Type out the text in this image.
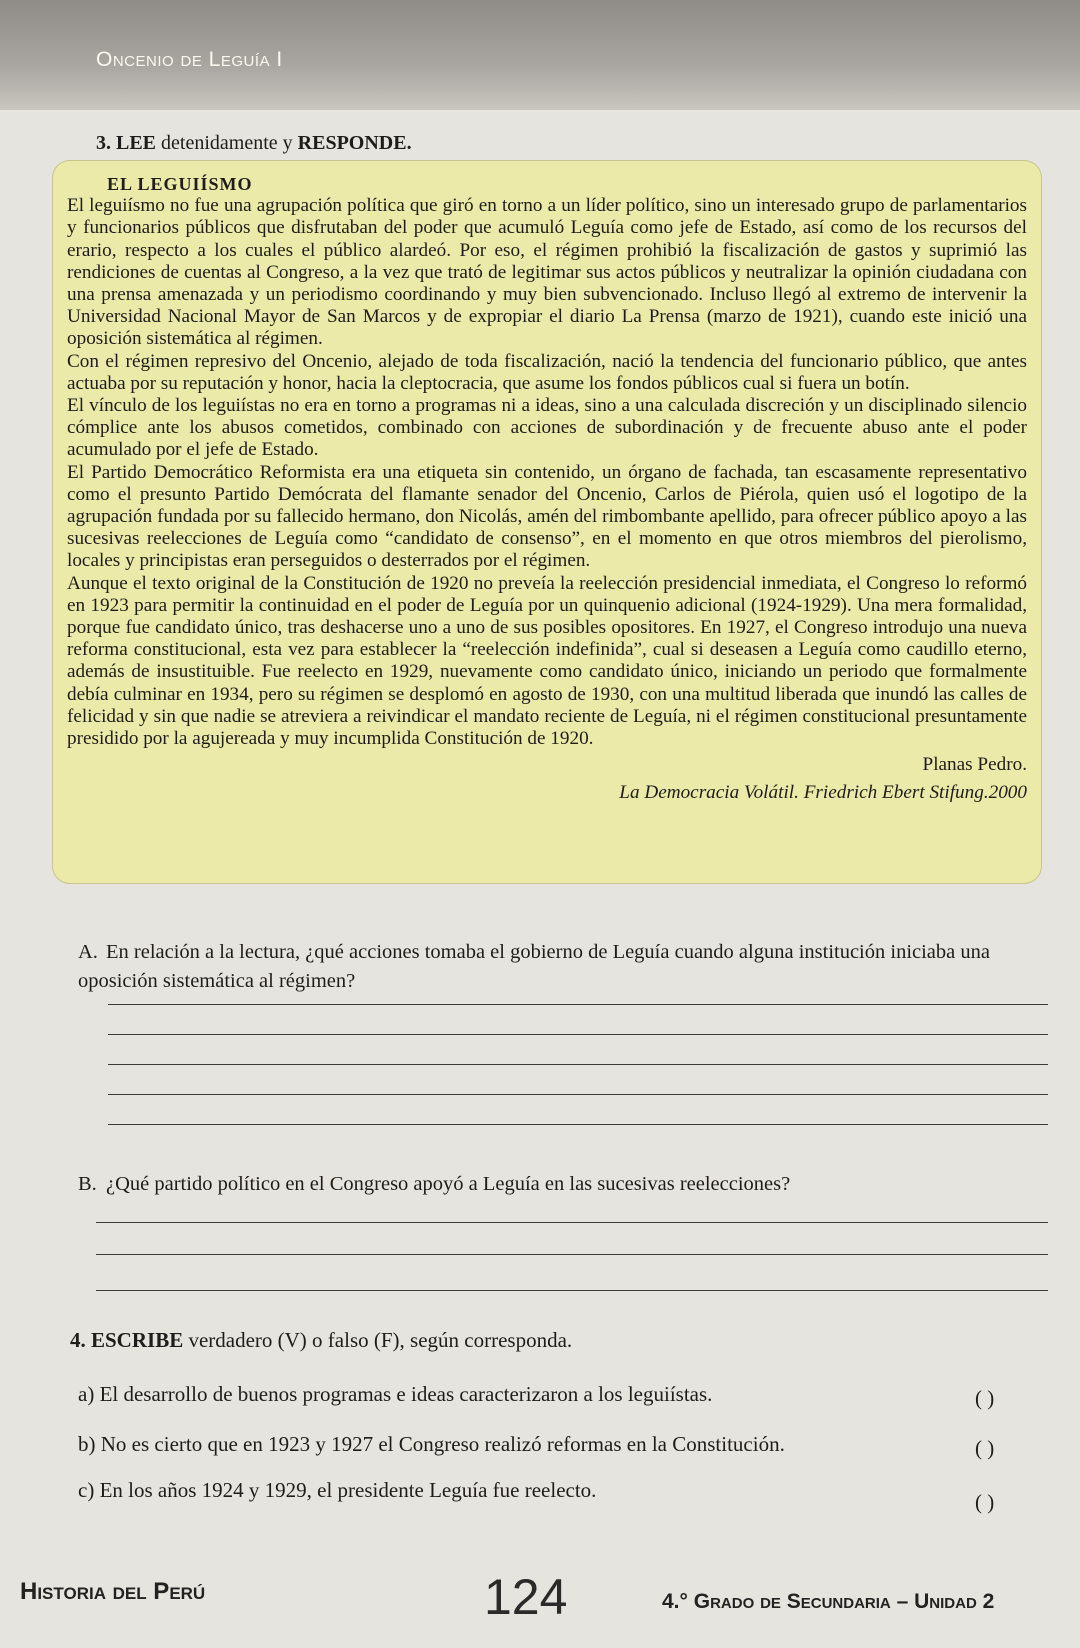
Oncenio de Leguía I
3. LEE detenidamente y RESPONDE.

EL LEGUIÍSMO

El leguiísmo no fue una agrupación política que giró en torno a un líder político, sino un interesado grupo de parlamentarios y funcionarios públicos que disfrutaban del poder que acumuló Leguía como jefe de Estado, así como de los recursos del erario, respecto a los cuales el público alardeó. Por eso, el régimen prohibió la fiscalización de gastos y suprimió las rendiciones de cuentas al Congreso, a la vez que trató de legitimar sus actos públicos y neutralizar la opinión ciudadana con una prensa amenazada y un periodismo coordinando y muy bien subvencionado. Incluso llegó al extremo de intervenir la Universidad Nacional Mayor de San Marcos y de expropiar el diario La Prensa (marzo de 1921), cuando este inició una oposición sistemática al régimen.

Con el régimen represivo del Oncenio, alejado de toda fiscalización, nació la tendencia del funcionario público, que antes actuaba por su reputación y honor, hacia la cleptocracia, que asume los fondos públicos cual si fuera un botín.

El vínculo de los leguiístas no era en torno a programas ni a ideas, sino a una calculada discreción y un disciplinado silencio cómplice ante los abusos cometidos, combinado con acciones de subordinación y de frecuente abuso ante el poder acumulado por el jefe de Estado.

El Partido Democrático Reformista era una etiqueta sin contenido, un órgano de fachada, tan escasamente representativo como el presunto Partido Demócrata del flamante senador del Oncenio, Carlos de Piérola, quien usó el logotipo de la agrupación fundada por su fallecido hermano, don Nicolás, amén del rimbombante apellido, para ofrecer público apoyo a las sucesivas reelecciones de Leguía como “candidato de consenso”, en el momento en que otros miembros del pierolismo, locales y principistas eran perseguidos o desterrados por el régimen.

Aunque el texto original de la Constitución de 1920 no preveía la reelección presidencial inmediata, el Congreso lo reformó en 1923 para permitir la continuidad en el poder de Leguía por un quinquenio adicional (1924-1929). Una mera formalidad, porque fue candidato único, tras deshacerse uno a uno de sus posibles opositores. En 1927, el Congreso introdujo una nueva reforma constitucional, esta vez para establecer la “reelección indefinida”, cual si deseasen a Leguía como caudillo eterno, además de insustituible. Fue reelecto en 1929, nuevamente como candidato único, iniciando un periodo que formalmente debía culminar en 1934, pero su régimen se desplomó en agosto de 1930, con una multitud liberada que inundó las calles de felicidad y sin que nadie se atreviera a reivindicar el mandato reciente de Leguía, ni el régimen constitucional presuntamente presidido por la agujereada y muy incumplida Constitución de 1920.

Planas Pedro.

La Democracia Volátil. Friedrich Ebert Stifung.2000

A. En relación a la lectura, ¿qué acciones tomaba el gobierno de Leguía cuando alguna institución iniciaba una oposición sistemática al régimen?
B. ¿Qué partido político en el Congreso apoyó a Leguía en las sucesivas reelecciones?
4. ESCRIBE verdadero (V) o falso (F), según corresponda.
a) El desarrollo de buenos programas e ideas caracterizaron a los leguiístas.	( )
b) No es cierto que en 1923 y 1927 el Congreso realizó reformas en la Constitución.	( )
c) En los años 1924 y 1929, el presidente Leguía fue reelecto.	( )
Historia del Perú	124	4.° Grado de Secundaria – Unidad 2
